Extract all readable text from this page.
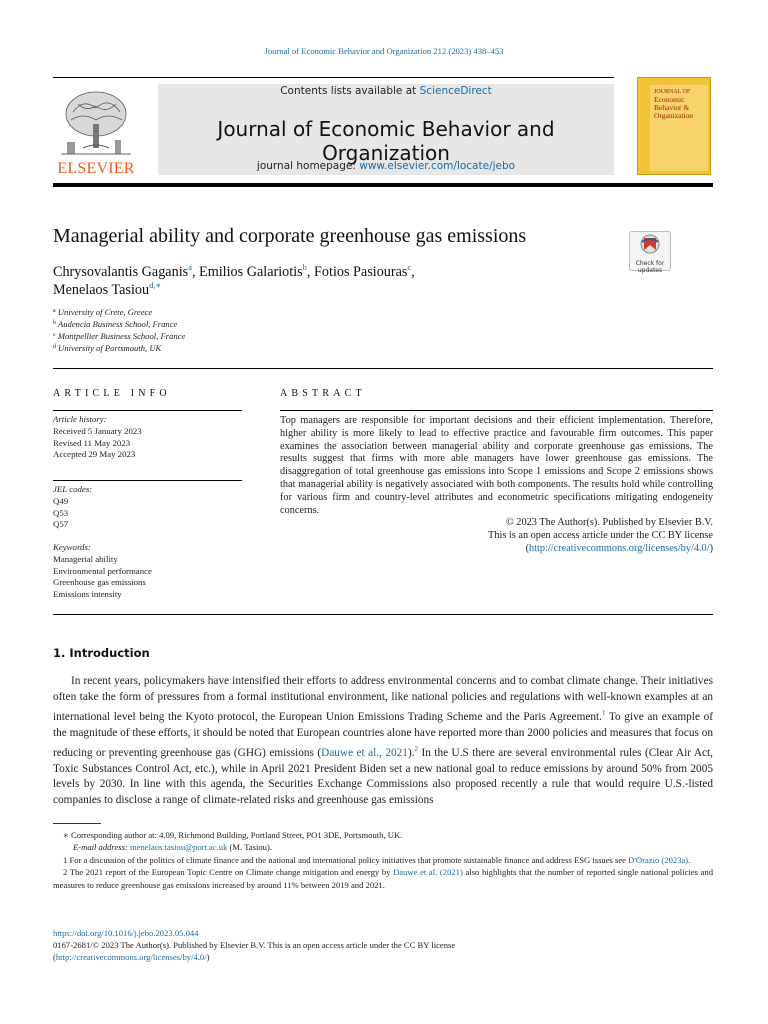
Journal of Economic Behavior and Organization 212 (2023) 438–453
ELSEVIER
Contents lists available at ScienceDirect
Journal of Economic Behavior and Organization
journal homepage: www.elsevier.com/locate/jebo
JOURNAL OF
Economic
Behavior &
Organization
Managerial ability and corporate greenhouse gas emissions
Check for updates
Chrysovalantis Gaganis$^a$, Emilios Galariotis$^b$, Fotios Pasiouras$^c$,
Menelaos Tasiou$^{d,∗}$
$^a$ University of Crete, Greece
$^b$ Audencia Business School, France
$^c$ Montpellier Business School, France
$^d$ University of Portsmouth, UK
ARTICLE INFO
Article history:
Received 5 January 2023
Revised 11 May 2023
Accepted 29 May 2023
JEL codes:
Q49
Q53
Q57
Keywords:
Managerial ability
Environmental performance
Greenhouse gas emissions
Emissions intensity
ABSTRACT
Top managers are responsible for important decisions and their efficient implementation. Therefore, higher ability is more likely to lead to effective practice and favourable firm outcomes. This paper examines the association between managerial ability and corporate greenhouse gas emissions. The results suggest that firms with more able managers have lower greenhouse gas emissions. The disaggregation of total greenhouse gas emissions into Scope 1 emissions and Scope 2 emissions shows that managerial ability is negatively associated with both components. The results hold while controlling for various firm and country-level attributes and econometric specifications mitigating endogeneity concerns.
© 2023 The Author(s). Published by Elsevier B.V.
This is an open access article under the CC BY license
(http://creativecommons.org/licenses/by/4.0/)
1. Introduction

In recent years, policymakers have intensified their efforts to address environmental concerns and to combat climate change. Their initiatives often take the form of pressures from a formal institutional environment, like national policies and regulations with well-known examples at an international level being the Kyoto protocol, the European Union Emissions Trading Scheme and the Paris Agreement.$^1$ To give an example of the magnitude of these efforts, it should be noted that European countries alone have reported more than 2000 policies and measures that focus on reducing or preventing greenhouse gas (GHG) emissions (Dauwe et al., 2021).$^2$ In the U.S there are several environmental rules (Clear Air Act, Toxic Substances Control Act, etc.), while in April 2021 President Biden set a new national goal to reduce emissions by around 50% from 2005 levels by 2030. In line with this agenda, the Securities Exchange Commissions also proposed recently a rule that would require U.S.-listed companies to disclose a range of climate-related risks and greenhouse gas emissions

∗ Corresponding author at: 4.09, Richmond Building, Portland Street, PO1 3DE, Portsmouth, UK.
E-mail address: menelaos.tasiou@port.ac.uk (M. Tasiou).
1 For a discussion of the politics of climate finance and the national and international policy initiatives that promote sustainable finance and address ESG issues see D'Orazio (2023a).
2 The 2021 report of the European Topic Centre on Climate change mitigation and energy by Dauwe et al. (2021) also highlights that the number of reported single national policies and measures to reduce greenhouse gas emissions increased by around 11% between 2019 and 2021.
https://doi.org/10.1016/j.jebo.2023.05.044
0167-2681/© 2023 The Author(s). Published by Elsevier B.V. This is an open access article under the CC BY license
(http://creativecommons.org/licenses/by/4.0/)
